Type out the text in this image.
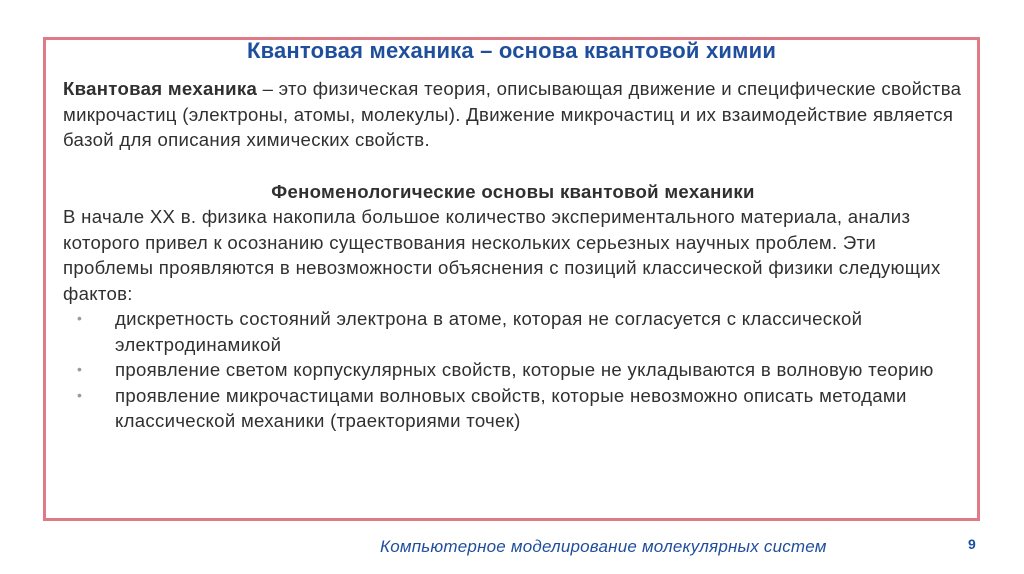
Квантовая механика – основа квантовой химии

Квантовая механика – это физическая теория, описывающая движение и специфические свойства микрочастиц (электроны, атомы, молекулы). Движение микрочастиц и их взаимодействие является базой для описания химических свойств.

Феноменологические основы квантовой механики

В начале XX в. физика накопила большое количество экспериментального материала, анализ которого привел к осознанию существования нескольких серьезных научных проблем. Эти проблемы проявляются в невозможности объяснения с позиций классической физики следующих фактов:

• дискретность состояний электрона в атоме, которая не согласуется с классической электродинамикой
• проявление светом корпускулярных свойств, которые не укладываются в волновую теорию
• проявление микрочастицами волновых свойств, которые невозможно описать методами классической механики (траекториями точек)
Компьютерное моделирование молекулярных систем	9
